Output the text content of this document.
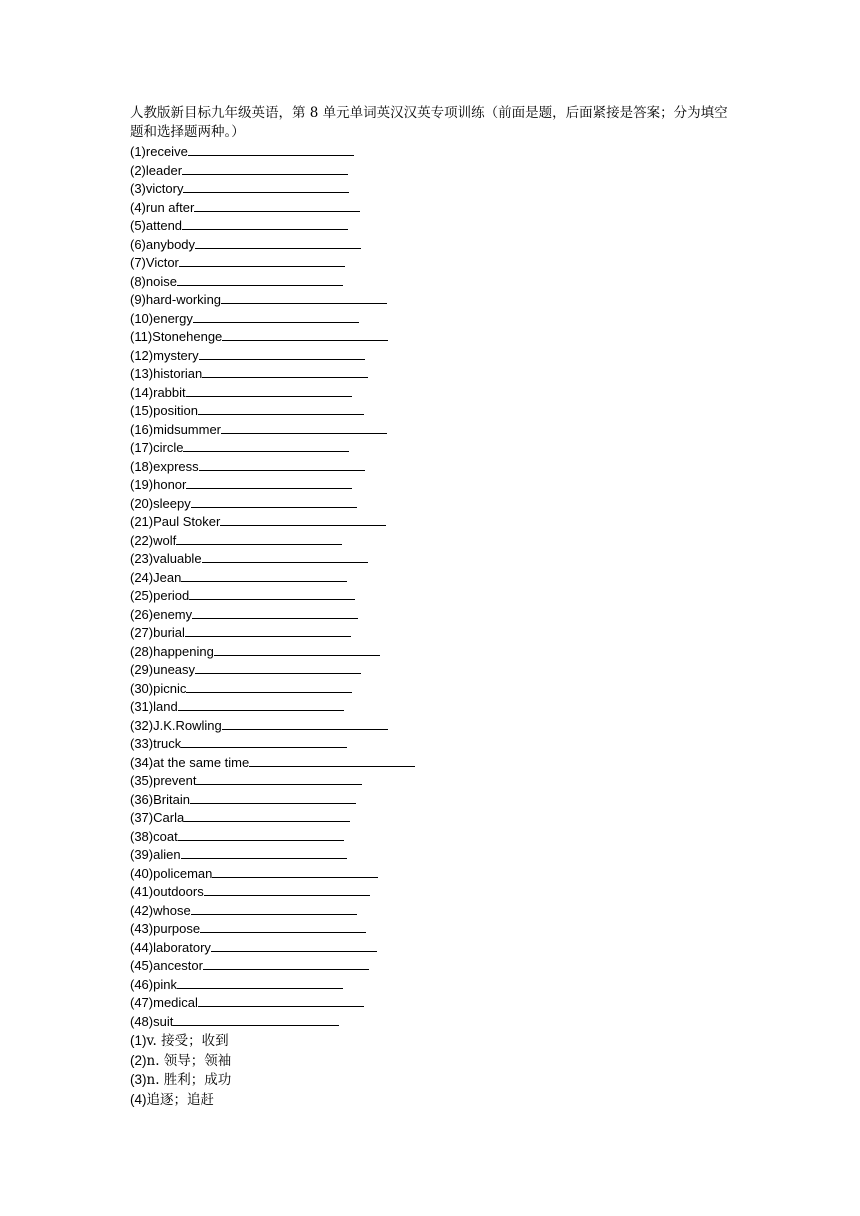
人教版新目标九年级英语，第 8 单元单词英汉汉英专项训练（前面是题，后面紧接是答案；分为填空题和选择题两种。）

(1)receive
(2)leader
(3)victory
(4)run after
(5)attend
(6)anybody
(7)Victor
(8)noise
(9)hard-working
(10)energy
(11)Stonehenge
(12)mystery
(13)historian
(14)rabbit
(15)position
(16)midsummer
(17)circle
(18)express
(19)honor
(20)sleepy
(21)Paul Stoker
(22)wolf
(23)valuable
(24)Jean
(25)period
(26)enemy
(27)burial
(28)happening
(29)uneasy
(30)picnic
(31)land
(32)J.K.Rowling
(33)truck
(34)at the same time
(35)prevent
(36)Britain
(37)Carla
(38)coat
(39)alien
(40)policeman
(41)outdoors
(42)whose
(43)purpose
(44)laboratory
(45)ancestor
(46)pink
(47)medical
(48)suit
(1)v. 接受；收到
(2)n. 领导；领袖
(3)n. 胜利；成功
(4)追逐；追赶
